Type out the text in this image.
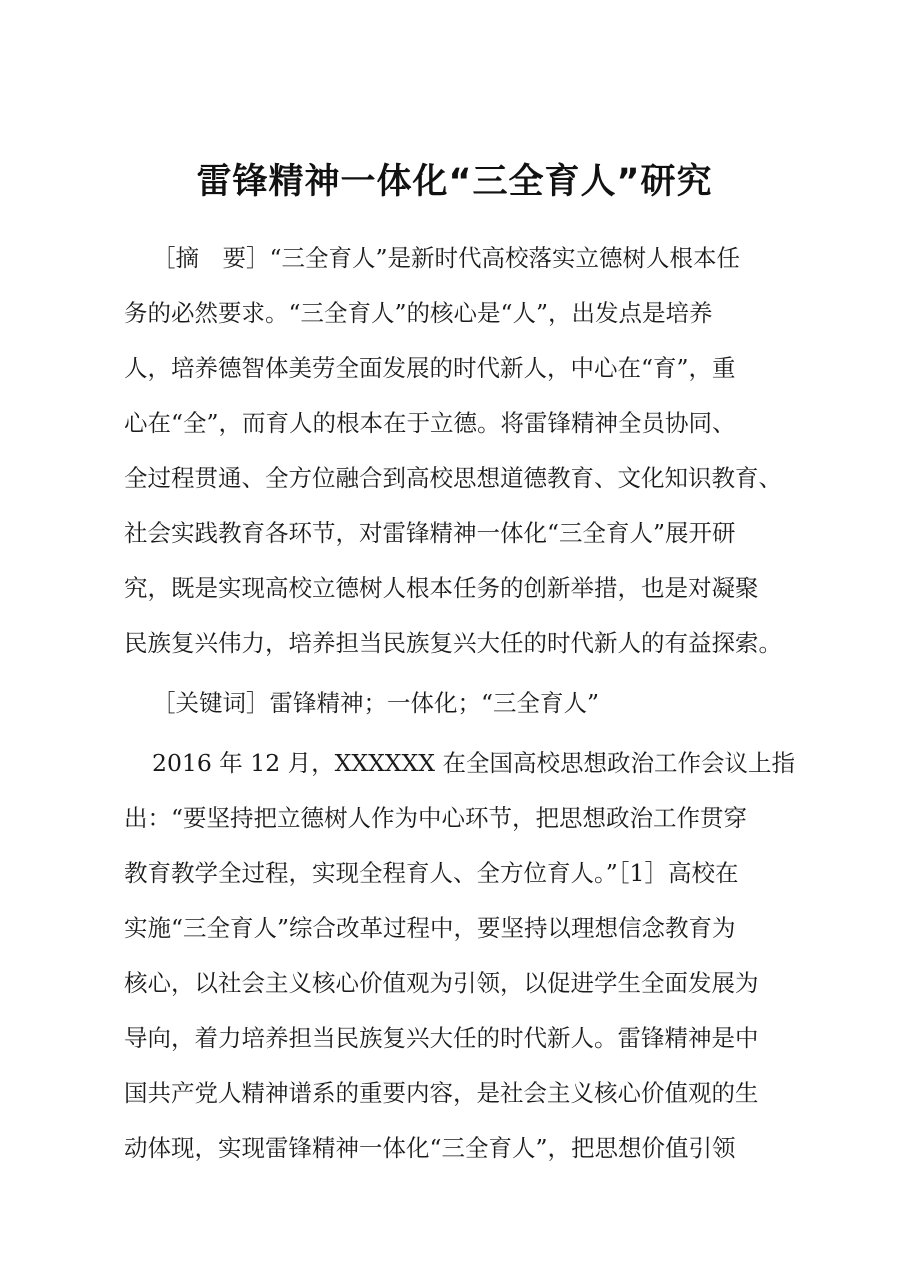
雷锋精神一体化“三全育人”研究
［摘　要］“三全育人”是新时代高校落实立德树人根本任
务的必然要求。“三全育人”的核心是“人”，出发点是培养
人，培养德智体美劳全面发展的时代新人，中心在“育”，重
心在“全”，而育人的根本在于立德。将雷锋精神全员协同、
全过程贯通、全方位融合到高校思想道德教育、文化知识教育、
社会实践教育各环节，对雷锋精神一体化“三全育人”展开研
究，既是实现高校立德树人根本任务的创新举措，也是对凝聚
民族复兴伟力，培养担当民族复兴大任的时代新人的有益探索。
［关键词］雷锋精神；一体化；“三全育人”
2016 年 12 月，XXXXXX 在全国高校思想政治工作会议上指
出：“要坚持把立德树人作为中心环节，把思想政治工作贯穿
教育教学全过程，实现全程育人、全方位育人。”［1］高校在
实施“三全育人”综合改革过程中，要坚持以理想信念教育为
核心，以社会主义核心价值观为引领，以促进学生全面发展为
导向，着力培养担当民族复兴大任的时代新人。雷锋精神是中
国共产党人精神谱系的重要内容，是社会主义核心价值观的生
动体现，实现雷锋精神一体化“三全育人”，把思想价值引领
